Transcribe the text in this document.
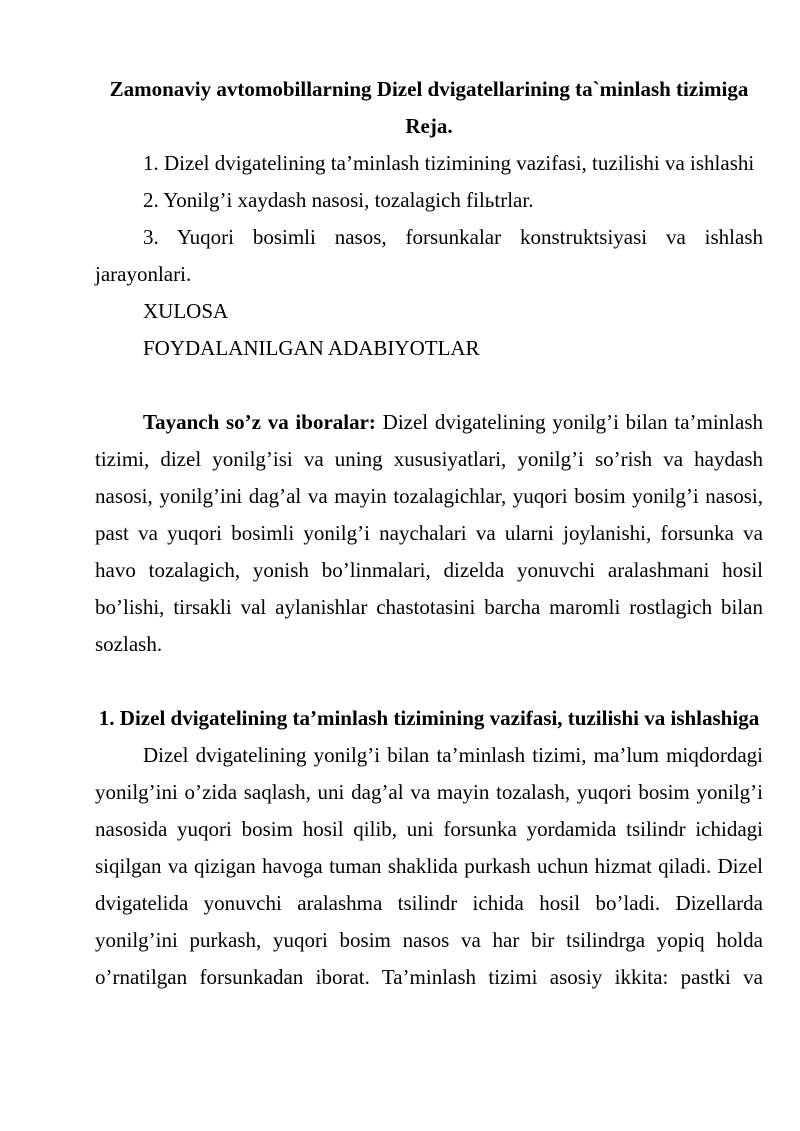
Zamonaviy avtomobillarning Dizel dvigatellarining ta`minlash tizimiga

Reja.

1. Dizel dvigatelining ta’minlash tizimining vazifasi, tuzilishi va ishlashi

2. Yonilg’i xaydash nasosi, tozalagich filьtrlar.

3. Yuqori bosimli nasos, forsunkalar konstruktsiyasi va ishlash jarayonlari.

XULOSA

FOYDALANILGAN ADABIYOTLAR

Tayanch so’z va iboralar: Dizel dvigatelining yonilg’i bilan ta’minlash tizimi, dizel yonilg’isi va uning xususiyatlari, yonilg’i so’rish va haydash nasosi, yonilg’ini dag’al va mayin tozalagichlar, yuqori bosim yonilg’i nasosi, past va yuqori bosimli yonilg’i naychalari va ularni joylanishi, forsunka va havo tozalagich, yonish bo’linmalari, dizelda yonuvchi aralashmani hosil bo’lishi, tirsakli val aylanishlar chastotasini barcha maromli rostlagich bilan sozlash.

1. Dizel dvigatelining ta’minlash tizimining vazifasi, tuzilishi va ishlashiga

Dizel dvigatelining yonilg’i bilan ta’minlash tizimi, ma’lum miqdordagi yonilg’ini o’zida saqlash, uni dag’al va mayin tozalash, yuqori bosim yonilg’i nasosida yuqori bosim hosil qilib, uni forsunka yordamida tsilindr ichidagi siqilgan va qizigan havoga tuman shaklida purkash uchun hizmat qiladi. Dizel dvigatelida yonuvchi aralashma tsilindr ichida hosil bo’ladi. Dizellarda yonilg’ini purkash, yuqori bosim nasos va har bir tsilindrga yopiq holda o’rnatilgan forsunkadan iborat. Ta’minlash tizimi asosiy ikkita: pastki va
